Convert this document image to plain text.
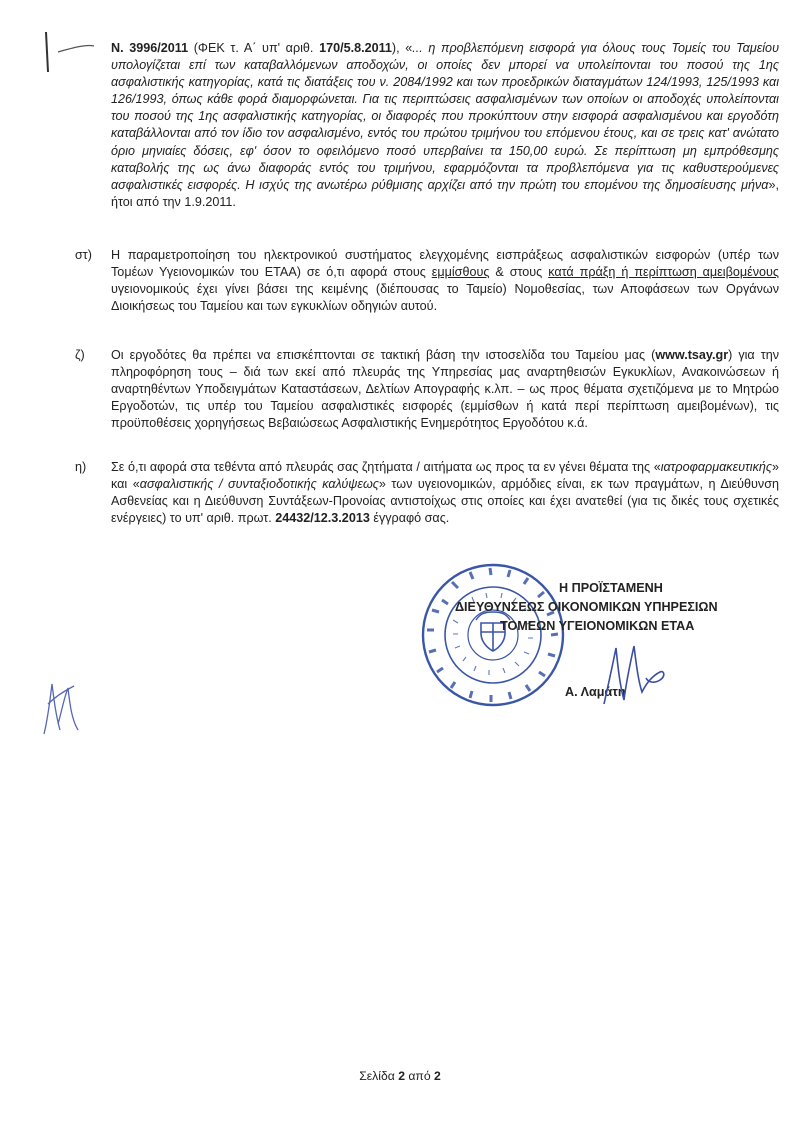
Ν. 3996/2011 (ΦΕΚ τ. Α΄ υπ' αριθ. 170/5.8.2011), «... η προβλεπόμενη εισφορά για όλους τους Τομείς του Ταμείου υπολογίζεται επί των καταβαλλόμενων αποδοχών, οι οποίες δεν μπορεί να υπολείπονται του ποσού της 1ης ασφαλιστικής κατηγορίας, κατά τις διατάξεις του ν. 2084/1992 και των προεδρικών διαταγμάτων 124/1993, 125/1993 και 126/1993, όπως κάθε φορά διαμορφώνεται. Για τις περιπτώσεις ασφαλισμένων των οποίων οι αποδοχές υπολείπονται του ποσού της 1ης ασφαλιστικής κατηγορίας, οι διαφορές που προκύπτουν στην εισφορά ασφαλισμένου και εργοδότη καταβάλλονται από τον ίδιο τον ασφαλισμένο, εντός του πρώτου τριμήνου του επόμενου έτους, και σε τρεις κατ' ανώτατο όριο μηνιαίες δόσεις, εφ' όσον το οφειλόμενο ποσό υπερβαίνει τα 150,00 ευρώ. Σε περίπτωση μη εμπρόθεσμης καταβολής της ως άνω διαφοράς εντός του τριμήνου, εφαρμόζονται τα προβλεπόμενα για τις καθυστερούμενες ασφαλιστικές εισφορές. Η ισχύς της ανωτέρω ρύθμισης αρχίζει από την πρώτη του επομένου της δημοσίευσης μήνα», ήτοι από την 1.9.2011.

στ) Η παραμετροποίηση του ηλεκτρονικού συστήματος ελεγχομένης εισπράξεως ασφαλιστικών εισφορών (υπέρ των Τομέων Υγειονομικών του ΕΤΑΑ) σε ό,τι αφορά στους εμμίσθους & στους κατά πράξη ή περίπτωση αμειβομένους υγειονομικούς έχει γίνει βάσει της κειμένης (διέπουσας το Ταμείο) Νομοθεσίας, των Αποφάσεων των Οργάνων Διοικήσεως του Ταμείου και των εγκυκλίων οδηγιών αυτού.

ζ) Οι εργοδότες θα πρέπει να επισκέπτονται σε τακτική βάση την ιστοσελίδα του Ταμείου μας (www.tsay.gr) για την πληροφόρηση τους – διά των εκεί από πλευράς της Υπηρεσίας μας αναρτηθεισών Εγκυκλίων, Ανακοινώσεων ή αναρτηθέντων Υποδειγμάτων Καταστάσεων, Δελτίων Απογραφής κ.λπ. – ως προς θέματα σχετιζόμενα με το Μητρώο Εργοδοτών, τις υπέρ του Ταμείου ασφαλιστικές εισφορές (εμμίσθων ή κατά περί περίπτωση αμειβομένων), τις προϋποθέσεις χορηγήσεως Βεβαιώσεως Ασφαλιστικής Ενημερότητος Εργοδότου κ.ά.

η) Σε ό,τι αφορά στα τεθέντα από πλευράς σας ζητήματα / αιτήματα ως προς τα εν γένει θέματα της «ιατροφαρμακευτικής» και «ασφαλιστικής / συνταξιοδοτικής καλύψεως» των υγειονομικών, αρμόδιες είναι, εκ των πραγμάτων, η Διεύθυνση Ασθενείας και η Διεύθυνση Συντάξεων-Προνοίας αντιστοίχως στις οποίες και έχει ανατεθεί (για τις δικές τους σχετικές ενέργειες) το υπ' αριθ. πρωτ. 24432/12.3.2013 έγγραφό σας.

Η ΠΡΟΪΣΤΑΜΕΝΗ
ΔΙΕΥΘΥΝΣΕΩΣ ΟΙΚΟΝΟΜΙΚΩΝ ΥΠΗΡΕΣΙΩΝ
ΤΟΜΕΩΝ ΥΓΕΙΟΝΟΜΙΚΩΝ ΕΤΑΑ
Α. Λαμάτη
Σελίδα 2 από 2
